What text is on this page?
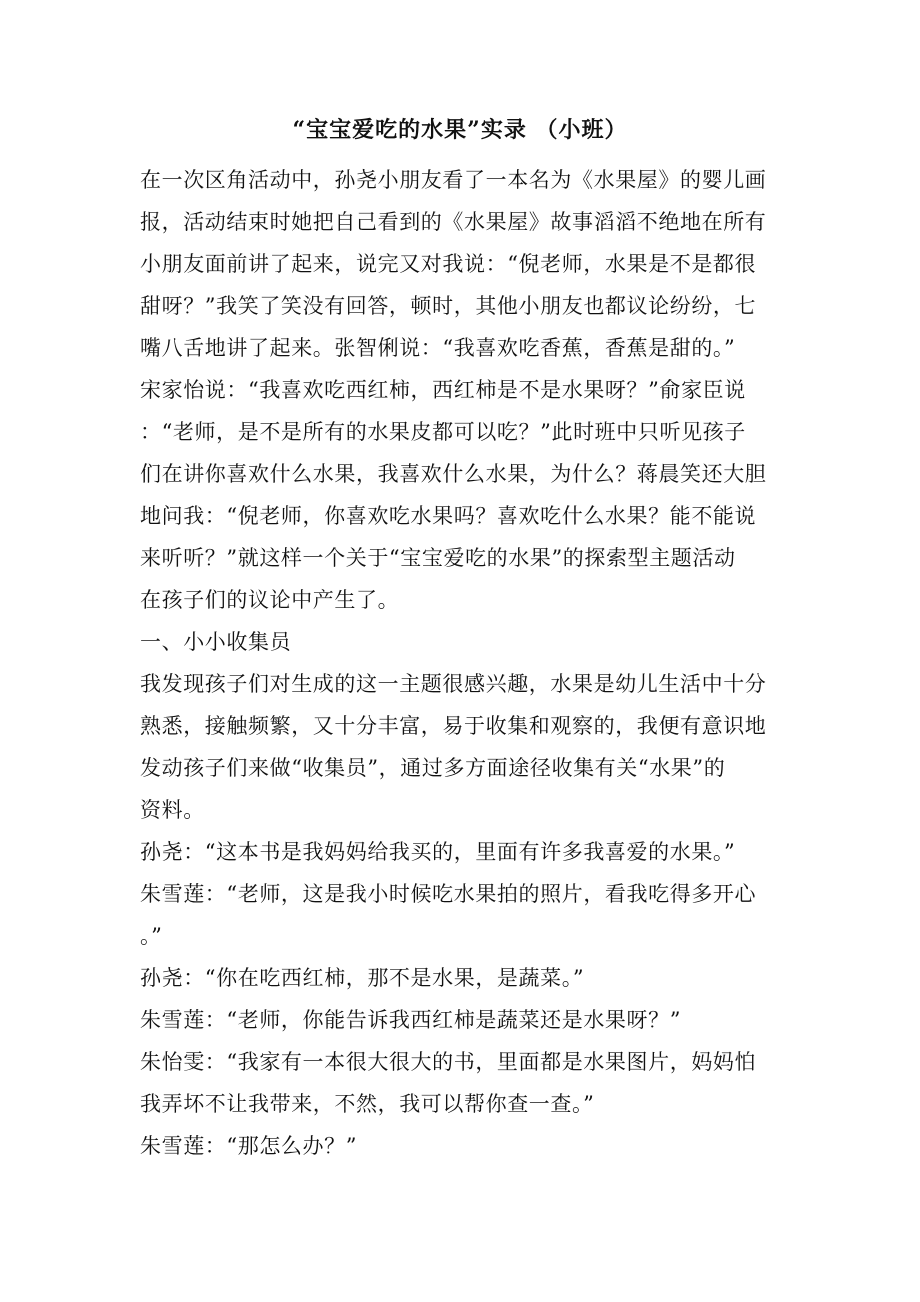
“宝宝爱吃的水果”实录 （小班）
在一次区角活动中，孙尧小朋友看了一本名为《水果屋》的婴儿画
报，活动结束时她把自己看到的《水果屋》故事滔滔不绝地在所有
小朋友面前讲了起来，说完又对我说：“倪老师，水果是不是都很
甜呀？”我笑了笑没有回答，顿时，其他小朋友也都议论纷纷，七
嘴八舌地讲了起来。张智俐说：“我喜欢吃香蕉，香蕉是甜的。”
宋家怡说：“我喜欢吃西红柿，西红柿是不是水果呀？”俞家臣说
：“老师，是不是所有的水果皮都可以吃？”此时班中只听见孩子
们在讲你喜欢什么水果，我喜欢什么水果，为什么？蒋晨笑还大胆
地问我：“倪老师，你喜欢吃水果吗？喜欢吃什么水果？能不能说
来听听？”就这样一个关于“宝宝爱吃的水果”的探索型主题活动
在孩子们的议论中产生了。
一、小小收集员
我发现孩子们对生成的这一主题很感兴趣，水果是幼儿生活中十分
熟悉，接触频繁，又十分丰富，易于收集和观察的，我便有意识地
发动孩子们来做“收集员”，通过多方面途径收集有关“水果”的
资料。
孙尧：“这本书是我妈妈给我买的，里面有许多我喜爱的水果。”
朱雪莲：“老师，这是我小时候吃水果拍的照片，看我吃得多开心
。”
孙尧：“你在吃西红柿，那不是水果，是蔬菜。”
朱雪莲：“老师，你能告诉我西红柿是蔬菜还是水果呀？”
朱怡雯：“我家有一本很大很大的书，里面都是水果图片，妈妈怕
我弄坏不让我带来，不然，我可以帮你查一查。”
朱雪莲：“那怎么办？”
